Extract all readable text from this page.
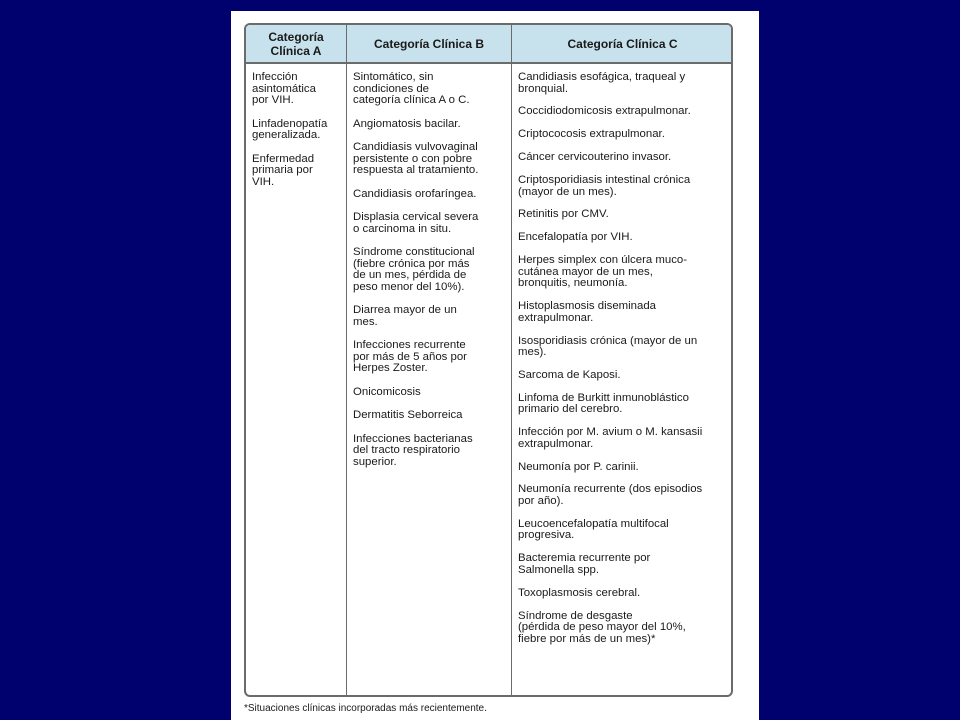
Categoría
Clínica A	Categoría Clínica B	Categoría Clínica C
Infección
asintomática
por VIH.
Linfadenopatía
generalizada.
Enfermedad
primaria por
VIH.
Sintomático, sin
condiciones de
categoría clínica A o C.
Angiomatosis bacilar.
Candidiasis vulvovaginal
persistente o con pobre
respuesta al tratamiento.
Candidiasis orofaríngea.
Displasia cervical severa
o carcinoma in situ.
Síndrome constitucional
(fiebre crónica por más
de un mes, pérdida de
peso menor del 10%).
Diarrea mayor de un
mes.
Infecciones recurrente
por más de 5 años por
Herpes Zoster.
Onicomicosis
Dermatitis Seborreica
Infecciones bacterianas
del tracto respiratorio
superior.
Candidiasis esofágica, traqueal y
bronquial.
Coccidiodomicosis extrapulmonar.
Criptococosis extrapulmonar.
Cáncer cervicouterino invasor.
Criptosporidiasis intestinal crónica
(mayor de un mes).
Retinitis por CMV.
Encefalopatía por VIH.
Herpes simplex con úlcera muco-
cutánea mayor de un mes,
bronquitis, neumonía.
Histoplasmosis diseminada
extrapulmonar.
Isosporidiasis crónica (mayor de un
mes).
Sarcoma de Kaposi.
Linfoma de Burkitt inmunoblástico
primario del cerebro.
Infección por M. avium o M. kansasii
extrapulmonar.
Neumonía por P. carinii.
Neumonía recurrente (dos episodios
por año).
Leucoencefalopatía multifocal
progresiva.
Bacteremia recurrente por
Salmonella spp.
Toxoplasmosis cerebral.
Síndrome de desgaste
(pérdida de peso mayor del 10%,
fiebre por más de un mes)*
*Situaciones clínicas incorporadas más recientemente.
